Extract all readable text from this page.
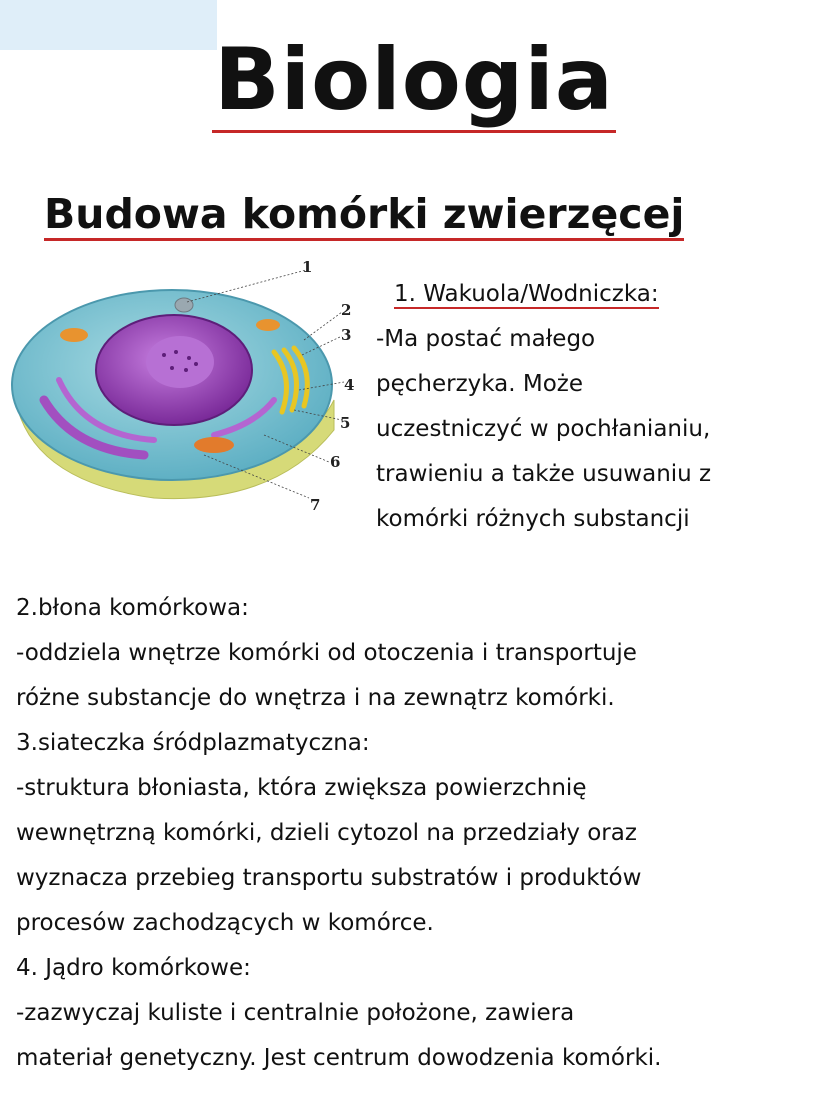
Biologia
Budowa komórki zwierzęcej
1
2
3
4
5
6
7
1. Wakuola/Wodniczka:
-Ma postać małego
pęcherzyka. Może
uczestniczyć w pochłanianiu,
trawieniu a także usuwaniu z
komórki różnych substancji
2.błona komórkowa:
-oddziela wnętrze komórki od otoczenia i transportuje
różne substancje do wnętrza i na zewnątrz komórki.
3.siateczka śródplazmatyczna:
-struktura błoniasta, która zwiększa powierzchnię
wewnętrzną komórki, dzieli cytozol na przedziały oraz
wyznacza przebieg transportu substratów i produktów
procesów zachodzących w komórce.
4. Jądro komórkowe:
-zazwyczaj kuliste i centralnie położone, zawiera
materiał genetyczny. Jest centrum dowodzenia komórki.
